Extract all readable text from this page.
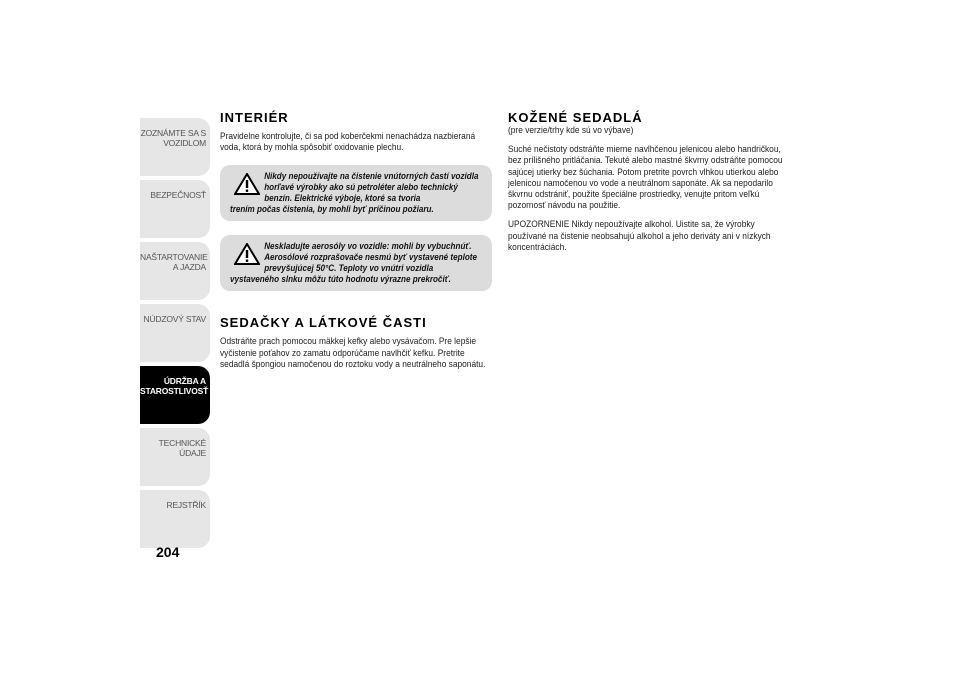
ZOZNÁMTE SA S VOZIDLOM
BEZPEČNOSŤ
NAŠTARTOVANIE A JAZDA
NÚDZOVÝ STAV
ÚDRŽBA A STAROSTLIVOSŤ
TECHNICKÉ ÚDAJE
REJSTŘÍK
204
INTERIÉR

Pravidelne kontrolujte, či sa pod koberčekmi nenachádza nazbieraná voda, ktorá by mohla spôsobiť oxidovanie plechu.

Nikdy nepoužívajte na čistenie vnútorných častí vozidla horľavé výrobky ako sú petroléter alebo technický benzín. Elektrické výboje, ktoré sa tvoria
trením počas čistenia, by mohli byť príčinou požiaru.
Neskladujte aerosóly vo vozidle: mohli by vybuchnúť. Aerosólové rozprašovače nesmú byť vystavené teplote prevyšujúcej 50°C. Teploty vo vnútri vozidla
vystaveného slnku môžu túto hodnotu výrazne prekročiť.
SEDAČKY A LÁTKOVÉ ČASTI

Odstráňte prach pomocou mäkkej kefky alebo vysávačom. Pre lepšie vyčistenie poťahov zo zamatu odporúčame navlhčiť kefku. Pretrite sedadlá špongiou namočenou do roztoku vody a neutrálneho saponátu.

KOŽENÉ SEDADLÁ

(pre verzie/trhy kde sú vo výbave)

Suché nečistoty odstráňte mierne navlhčenou jelenicou alebo handričkou, bez prílišného pritláčania. Tekuté alebo mastné škvrny odstráňte pomocou sajúcej utierky bez šúchania. Potom pretrite povrch vlhkou utierkou alebo jelenicou namočenou vo vode a neutrálnom saponáte. Ak sa nepodarilo škvrnu odstrániť, použite špeciálne prostriedky, venujte pritom veľkú pozornosť návodu na použitie.

UPOZORNENIE Nikdy nepoužívajte alkohol. Uistite sa, že výrobky používané na čistenie neobsahujú alkohol a jeho deriváty ani v nízkych koncentráciách.
